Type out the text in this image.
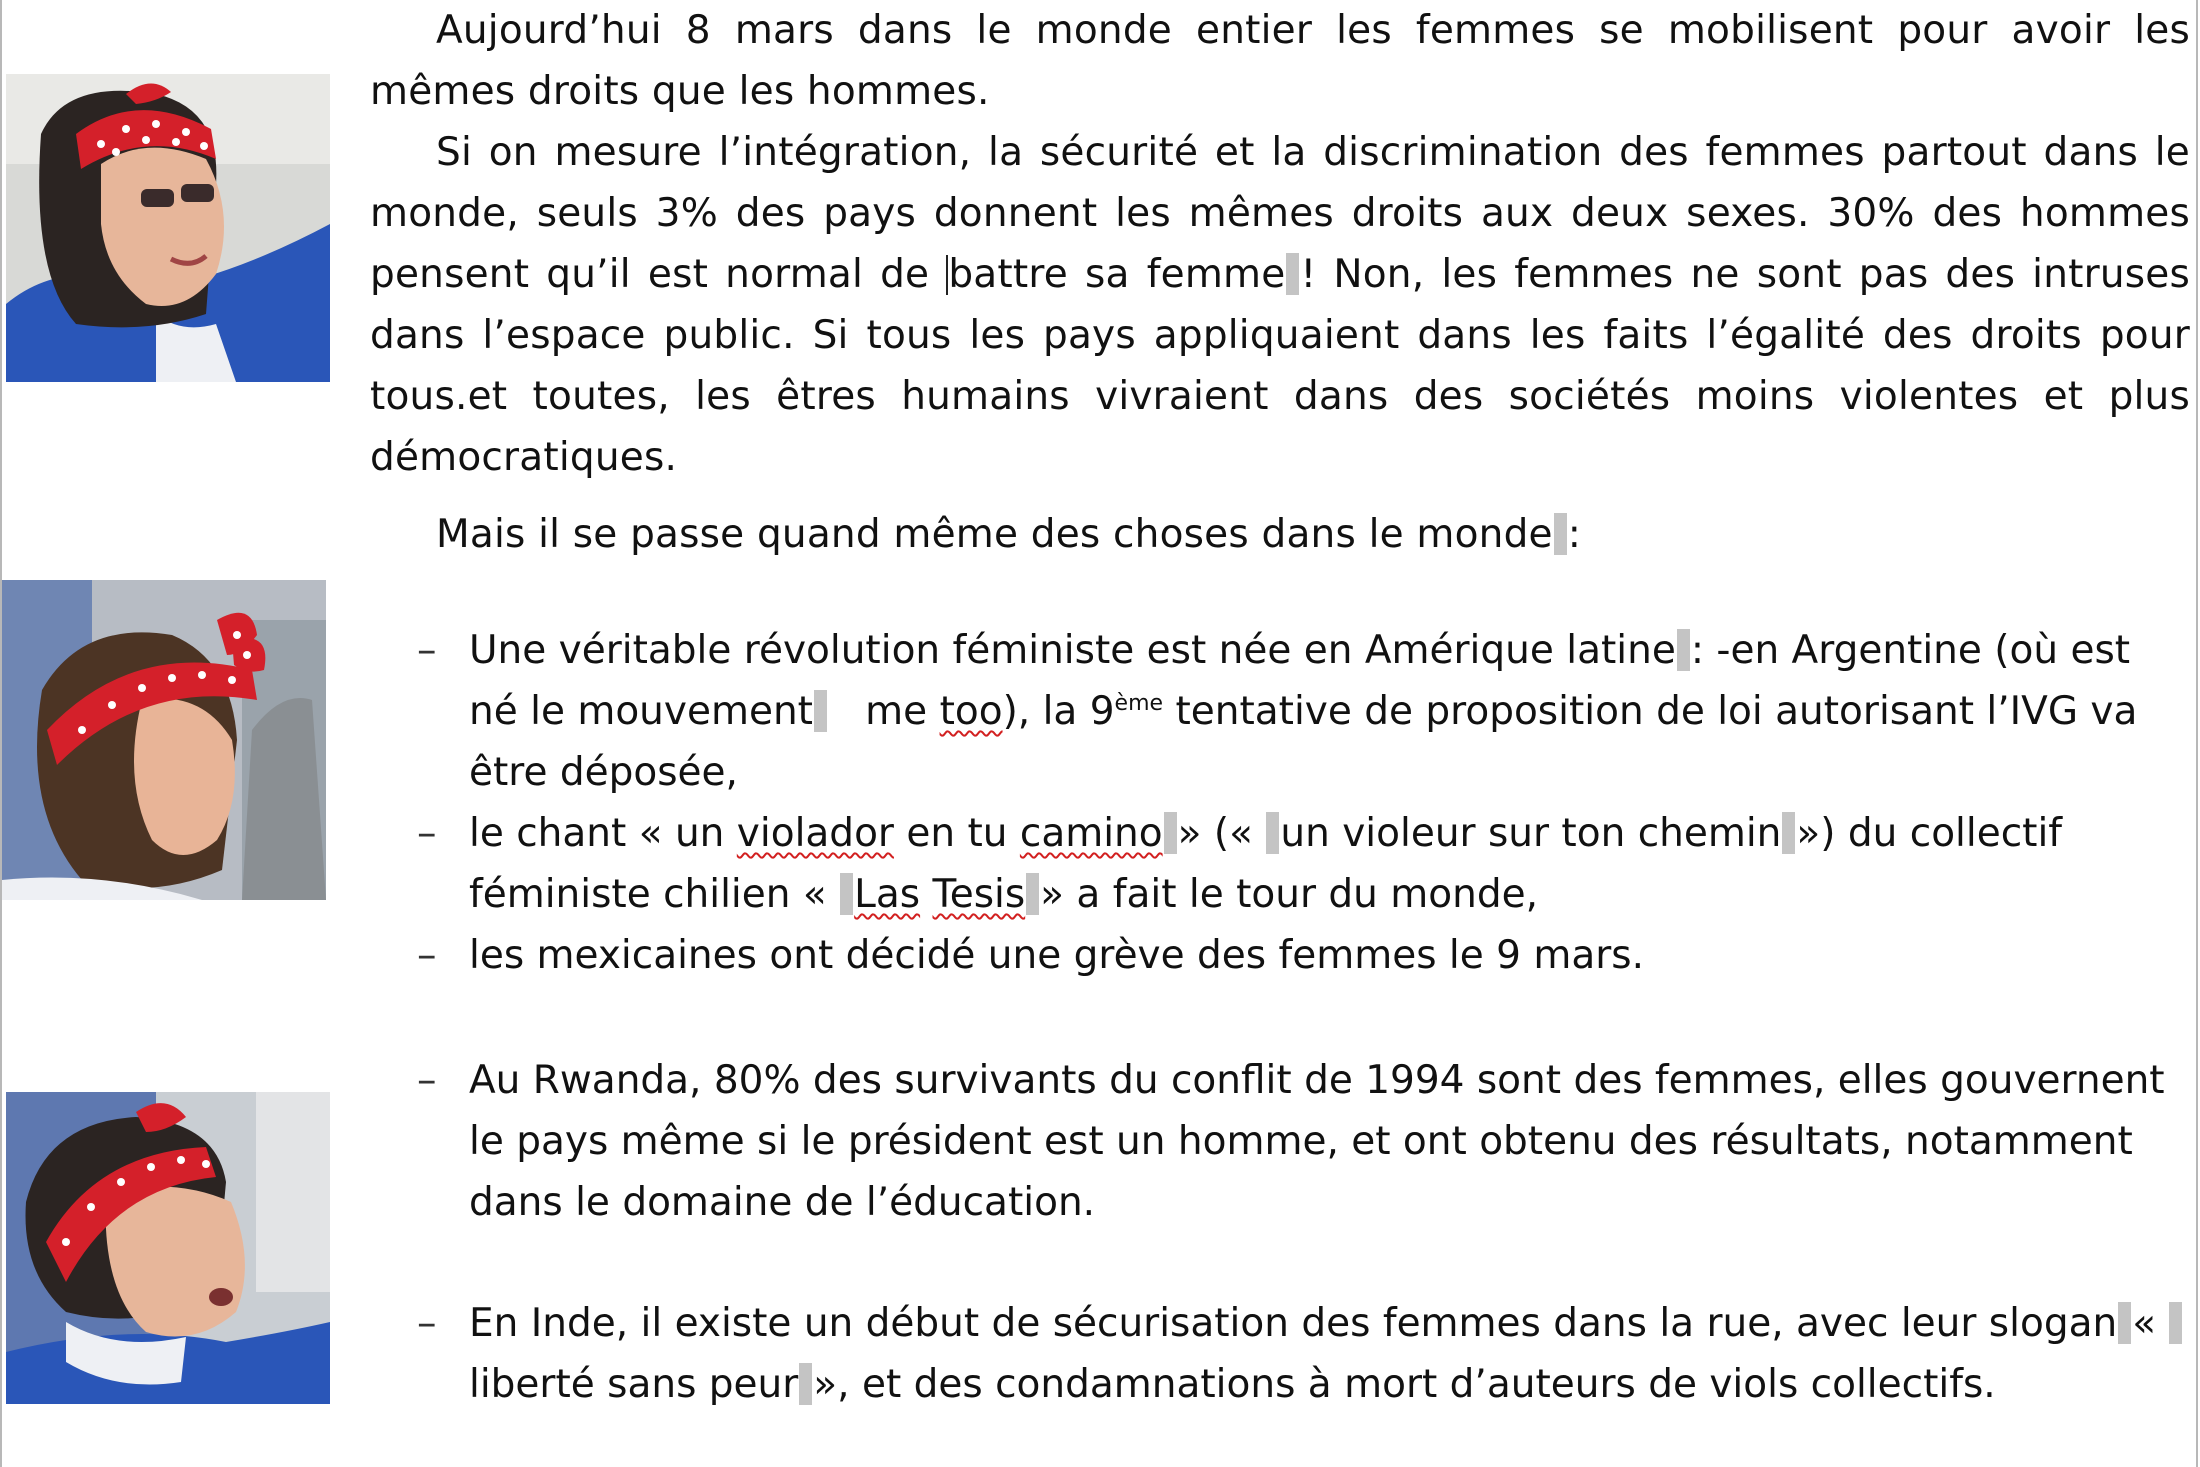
Aujourd’hui 8 mars dans le monde entier les femmes se mobilisent pour avoir les mêmes droits que les hommes.

Si on mesure l’intégration, la sécurité et la discrimination des femmes partout dans le monde, seuls 3% des pays donnent les mêmes droits aux deux sexes. 30% des hommes pensent qu’il est normal de battre sa femme ! Non, les femmes ne sont pas des intruses dans l’espace public. Si tous les pays appliquaient dans les faits l’égalité des droits pour tous.et toutes, les êtres humains vivraient dans des sociétés moins violentes et plus démocratiques.

Mais il se passe quand même des choses dans le monde :

– Une véritable révolution féministe est née en Amérique latine : -en Argentine (où est né le mouvement   me too), la 9ème tentative de proposition de loi autorisant l’IVG va être déposée,
– le chant « un violador en tu camino » (« un violeur sur ton chemin ») du collectif féministe chilien « Las Tesis » a fait le tour du monde,
– les mexicaines ont décidé une grève des femmes le 9 mars.
– Au Rwanda, 80% des survivants du conflit de 1994 sont des femmes, elles gouvernent le pays même si le président est un homme, et ont obtenu des résultats, notamment dans le domaine de l’éducation.
– En Inde, il existe un début de sécurisation des femmes dans la rue, avec leur slogan « liberté sans peur », et des condamnations à mort d’auteurs de viols collectifs.
